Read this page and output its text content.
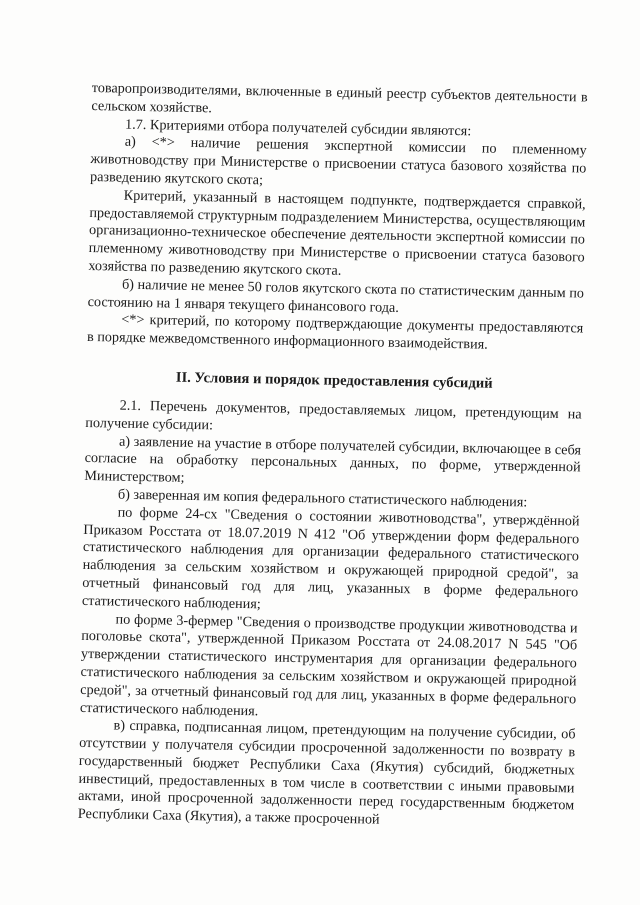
товаропроизводителями, включенные в единый реестр субъектов деятельности в сельском хозяйстве.

1.7. Критериями отбора получателей субсидии являются:

а) <*> наличие решения экспертной комиссии по племенному животноводству при Министерстве о присвоении статуса базового хозяйства по разведению якутского скота;

Критерий, указанный в настоящем подпункте, подтверждается справкой, предоставляемой структурным подразделением Министерства, осуществляющим организационно-техническое обеспечение деятельности экспертной комиссии по племенному животноводству при Министерстве о присвоении статуса базового хозяйства по разведению якутского скота.

б) наличие не менее 50 голов якутского скота по статистическим данным по состоянию на 1 января текущего финансового года.

<*> критерий, по которому подтверждающие документы предоставляются в порядке межведомственного информационного взаимодействия.

II. Условия и порядок предоставления субсидий

2.1. Перечень документов, предоставляемых лицом, претендующим на получение субсидии:

а) заявление на участие в отборе получателей субсидии, включающее в себя согласие на обработку персональных данных, по форме, утвержденной Министерством;

б) заверенная им копия федерального статистического наблюдения:

по форме 24-сх "Сведения о состоянии животноводства", утверждённой Приказом Росстата от 18.07.2019 N 412 "Об утверждении форм федерального статистического наблюдения для организации федерального статистического наблюдения за сельским хозяйством и окружающей природной средой", за отчетный финансовый год для лиц, указанных в форме федерального статистического наблюдения;

по форме 3-фермер "Сведения о производстве продукции животноводства и поголовье скота", утвержденной Приказом Росстата от 24.08.2017 N 545 "Об утверждении статистического инструментария для организации федерального статистического наблюдения за сельским хозяйством и окружающей природной средой", за отчетный финансовый год для лиц, указанных в форме федерального статистического наблюдения.

в) справка, подписанная лицом, претендующим на получение субсидии, об отсутствии у получателя субсидии просроченной задолженности по возврату в государственный бюджет Республики Саха (Якутия) субсидий, бюджетных инвестиций, предоставленных в том числе в соответствии с иными правовыми актами, иной просроченной задолженности перед государственным бюджетом Республики Саха (Якутия), а также просроченной
